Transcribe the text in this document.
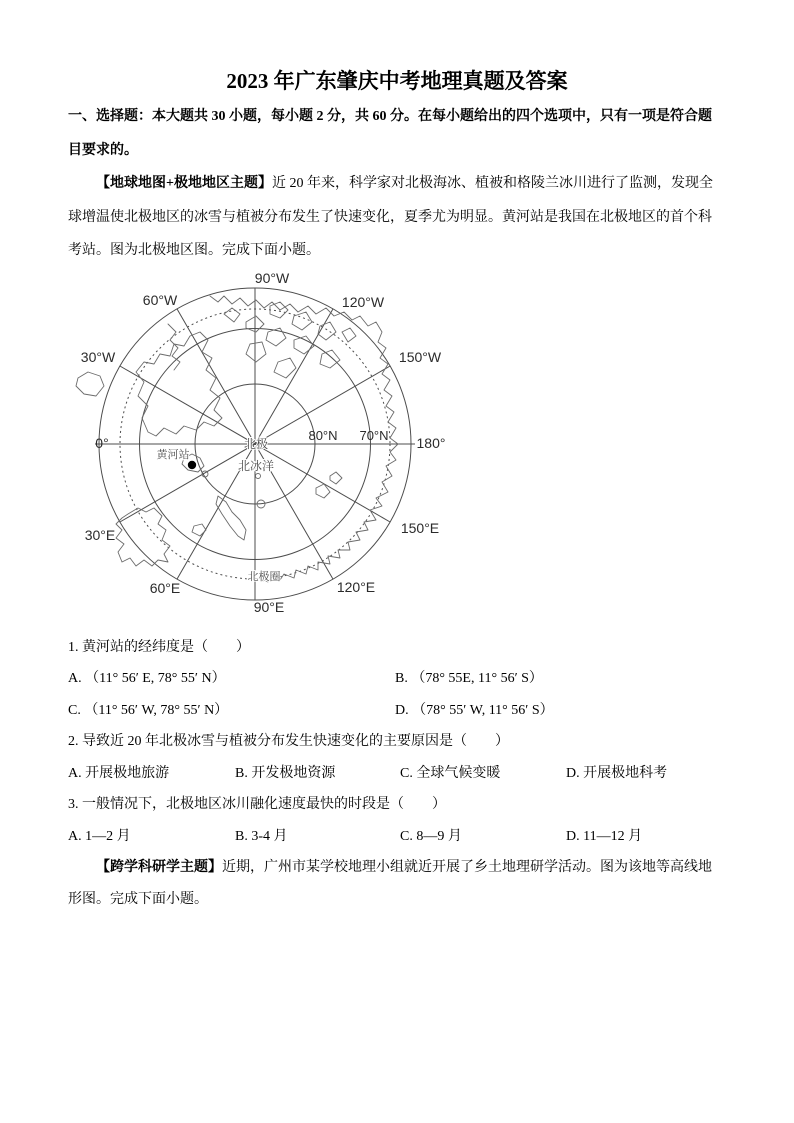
2023 年广东肇庆中考地理真题及答案
一、选择题：本大题共 30 小题，每小题 2 分，共 60 分。在每小题给出的四个选项中，只有一项是符合题
目要求的。
【地球地图+极地地区主题】近 20 年来，科学家对北极海冰、植被和格陵兰冰川进行了监测，发现全
球增温使北极地区的冰雪与植被分布发生了快速变化，夏季尤为明显。黄河站是我国在北极地区的首个科
考站。图为北极地区图。完成下面小题。
90°W
60°W	120°W
30°W	150°W
0°	180°
30°E	150°E
60°E	120°E
90°E
80°N 70°N
北极
北冰洋
黄河站
北极圈
1. 黄河站的经纬度是（　　）
A. （11° 56′ E, 78° 55′ N）	B. （78° 55E, 11° 56′ S）
C. （11° 56′ W, 78° 55′ N）	D. （78° 55′ W, 11° 56′ S）
2. 导致近 20 年北极冰雪与植被分布发生快速变化的主要原因是（　　）
A. 开展极地旅游	B. 开发极地资源	C. 全球气候变暖	D. 开展极地科考
3. 一般情况下，北极地区冰川融化速度最快的时段是（　　）
A. 1—2 月	B. 3-4 月	C. 8—9 月	D. 11—12 月
【跨学科研学主题】近期，广州市某学校地理小组就近开展了乡土地理研学活动。图为该地等高线地
形图。完成下面小题。
